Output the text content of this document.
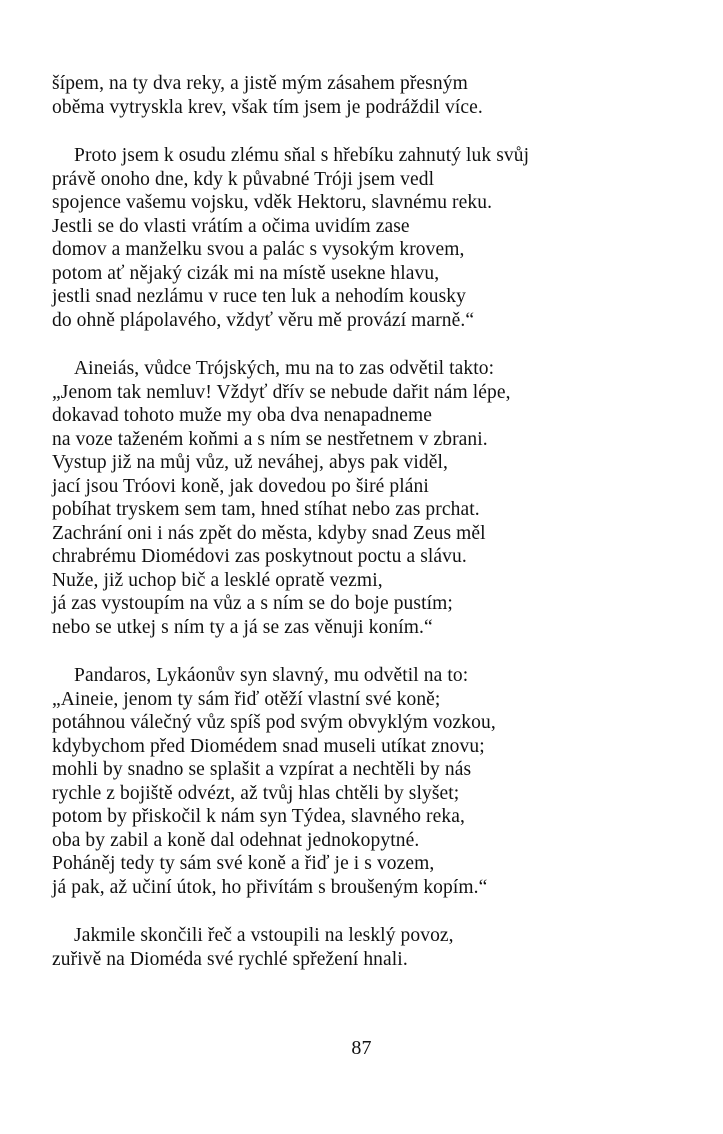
šípem, na ty dva reky, a jistě mým zásahem přesným
oběma vytryskla krev, však tím jsem je podráždil více.
Proto jsem k osudu zlému sňal s hřebíku zahnutý luk svůj
právě onoho dne, kdy k půvabné Tróji jsem vedl
spojence vašemu vojsku, vděk Hektoru, slavnému reku.
Jestli se do vlasti vrátím a očima uvidím zase
domov a manželku svou a palác s vysokým krovem,
potom ať nějaký cizák mi na místě usekne hlavu,
jestli snad nezlámu v ruce ten luk a nehodím kousky
do ohně plápolavého, vždyť věru mě provází marně.“
Aineiás, vůdce Trójských, mu na to zas odvětil takto:
„Jenom tak nemluv! Vždyť dřív se nebude dařit nám lépe,
dokavad tohoto muže my oba dva nenapadneme
na voze taženém koňmi a s ním se nestřetnem v zbrani.
Vystup již na můj vůz, už neváhej, abys pak viděl,
jací jsou Tróovi koně, jak dovedou po širé pláni
pobíhat tryskem sem tam, hned stíhat nebo zas prchat.
Zachrání oni i nás zpět do města, kdyby snad Zeus měl
chrabrému Diomédovi zas poskytnout poctu a slávu.
Nuže, již uchop bič a lesklé opratě vezmi,
já zas vystoupím na vůz a s ním se do boje pustím;
nebo se utkej s ním ty a já se zas věnuji koním.“
Pandaros, Lykáonův syn slavný, mu odvětil na to:
„Aineie, jenom ty sám řiď otěží vlastní své koně;
potáhnou válečný vůz spíš pod svým obvyklým vozkou,
kdybychom před Diomédem snad museli utíkat znovu;
mohli by snadno se splašit a vzpírat a nechtěli by nás
rychle z bojiště odvézt, až tvůj hlas chtěli by slyšet;
potom by přiskočil k nám syn Týdea, slavného reka,
oba by zabil a koně dal odehnat jednokopytné.
Poháněj tedy ty sám své koně a řiď je i s vozem,
já pak, až učiní útok, ho přivítám s broušeným kopím.“
Jakmile skončili řeč a vstoupili na lesklý povoz,
zuřivě na Dioméda své rychlé spřežení hnali.
87
